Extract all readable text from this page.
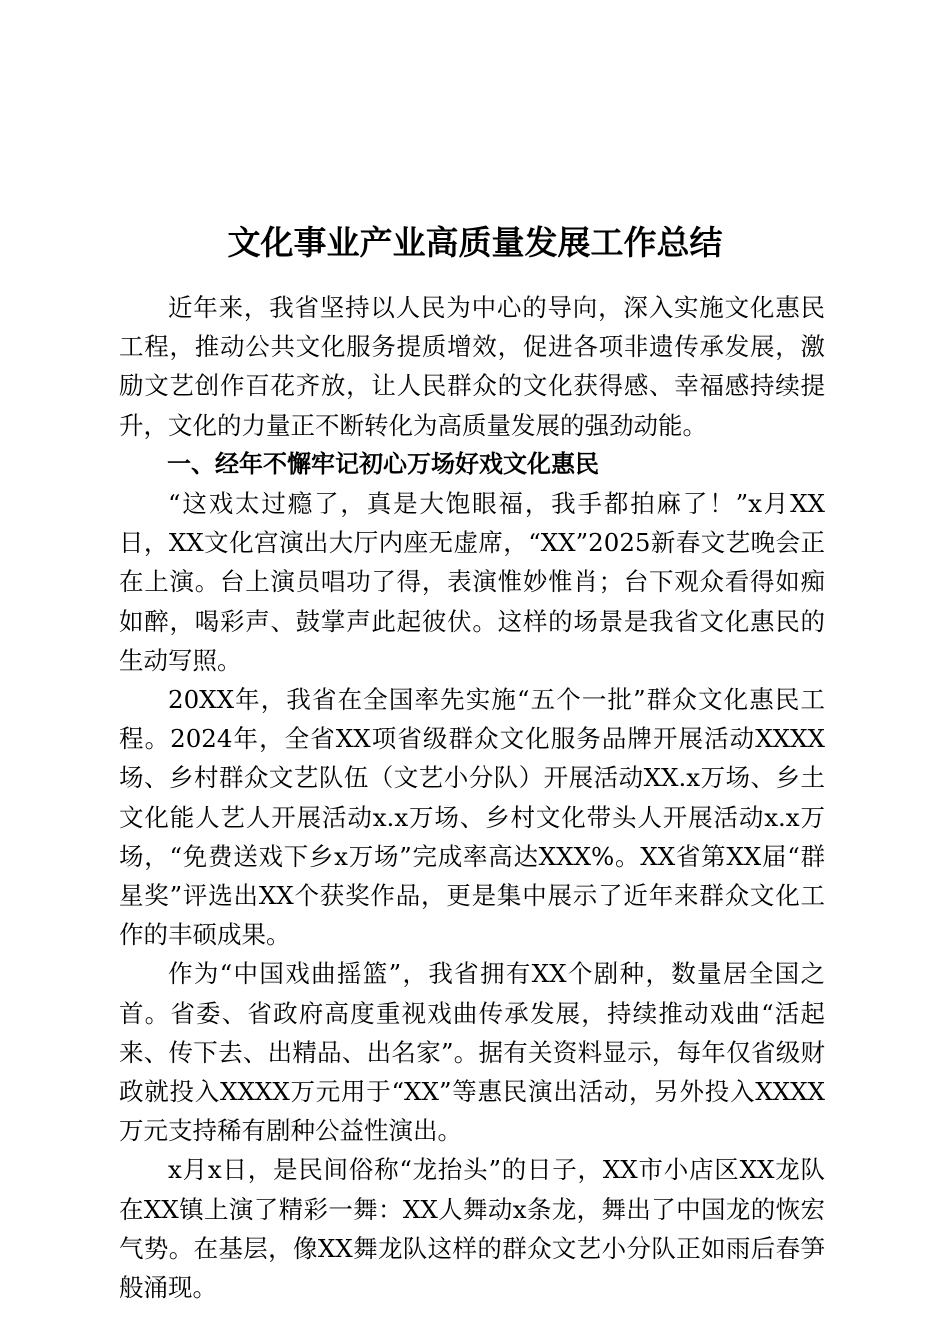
文化事业产业高质量发展工作总结

近年来，我省坚持以人民为中心的导向，深入实施文化惠民工程，推动公共文化服务提质增效，促进各项非遗传承发展，激励文艺创作百花齐放，让人民群众的文化获得感、幸福感持续提升，文化的力量正不断转化为高质量发展的强劲动能。

一、经年不懈牢记初心万场好戏文化惠民

“这戏太过瘾了，真是大饱眼福，我手都拍麻了！”x月XX日，XX文化宫演出大厅内座无虚席，“XX”2025新春文艺晚会正在上演。台上演员唱功了得，表演惟妙惟肖；台下观众看得如痴如醉，喝彩声、鼓掌声此起彼伏。这样的场景是我省文化惠民的生动写照。

20XX年，我省在全国率先实施“五个一批”群众文化惠民工程。2024年，全省XX项省级群众文化服务品牌开展活动XXXX场、乡村群众文艺队伍（文艺小分队）开展活动XX.x万场、乡土文化能人艺人开展活动x.x万场、乡村文化带头人开展活动x.x万场，“免费送戏下乡x万场”完成率高达XXX%。XX省第XX届“群星奖”评选出XX个获奖作品，更是集中展示了近年来群众文化工作的丰硕成果。

作为“中国戏曲摇篮”，我省拥有XX个剧种，数量居全国之首。省委、省政府高度重视戏曲传承发展，持续推动戏曲“活起来、传下去、出精品、出名家”。据有关资料显示，每年仅省级财政就投入XXXX万元用于“XX”等惠民演出活动，另外投入XXXX万元支持稀有剧种公益性演出。

x月x日，是民间俗称“龙抬头”的日子，XX市小店区XX龙队在XX镇上演了精彩一舞：XX人舞动x条龙，舞出了中国龙的恢宏气势。在基层，像XX舞龙队这样的群众文艺小分队正如雨后春笋般涌现。
